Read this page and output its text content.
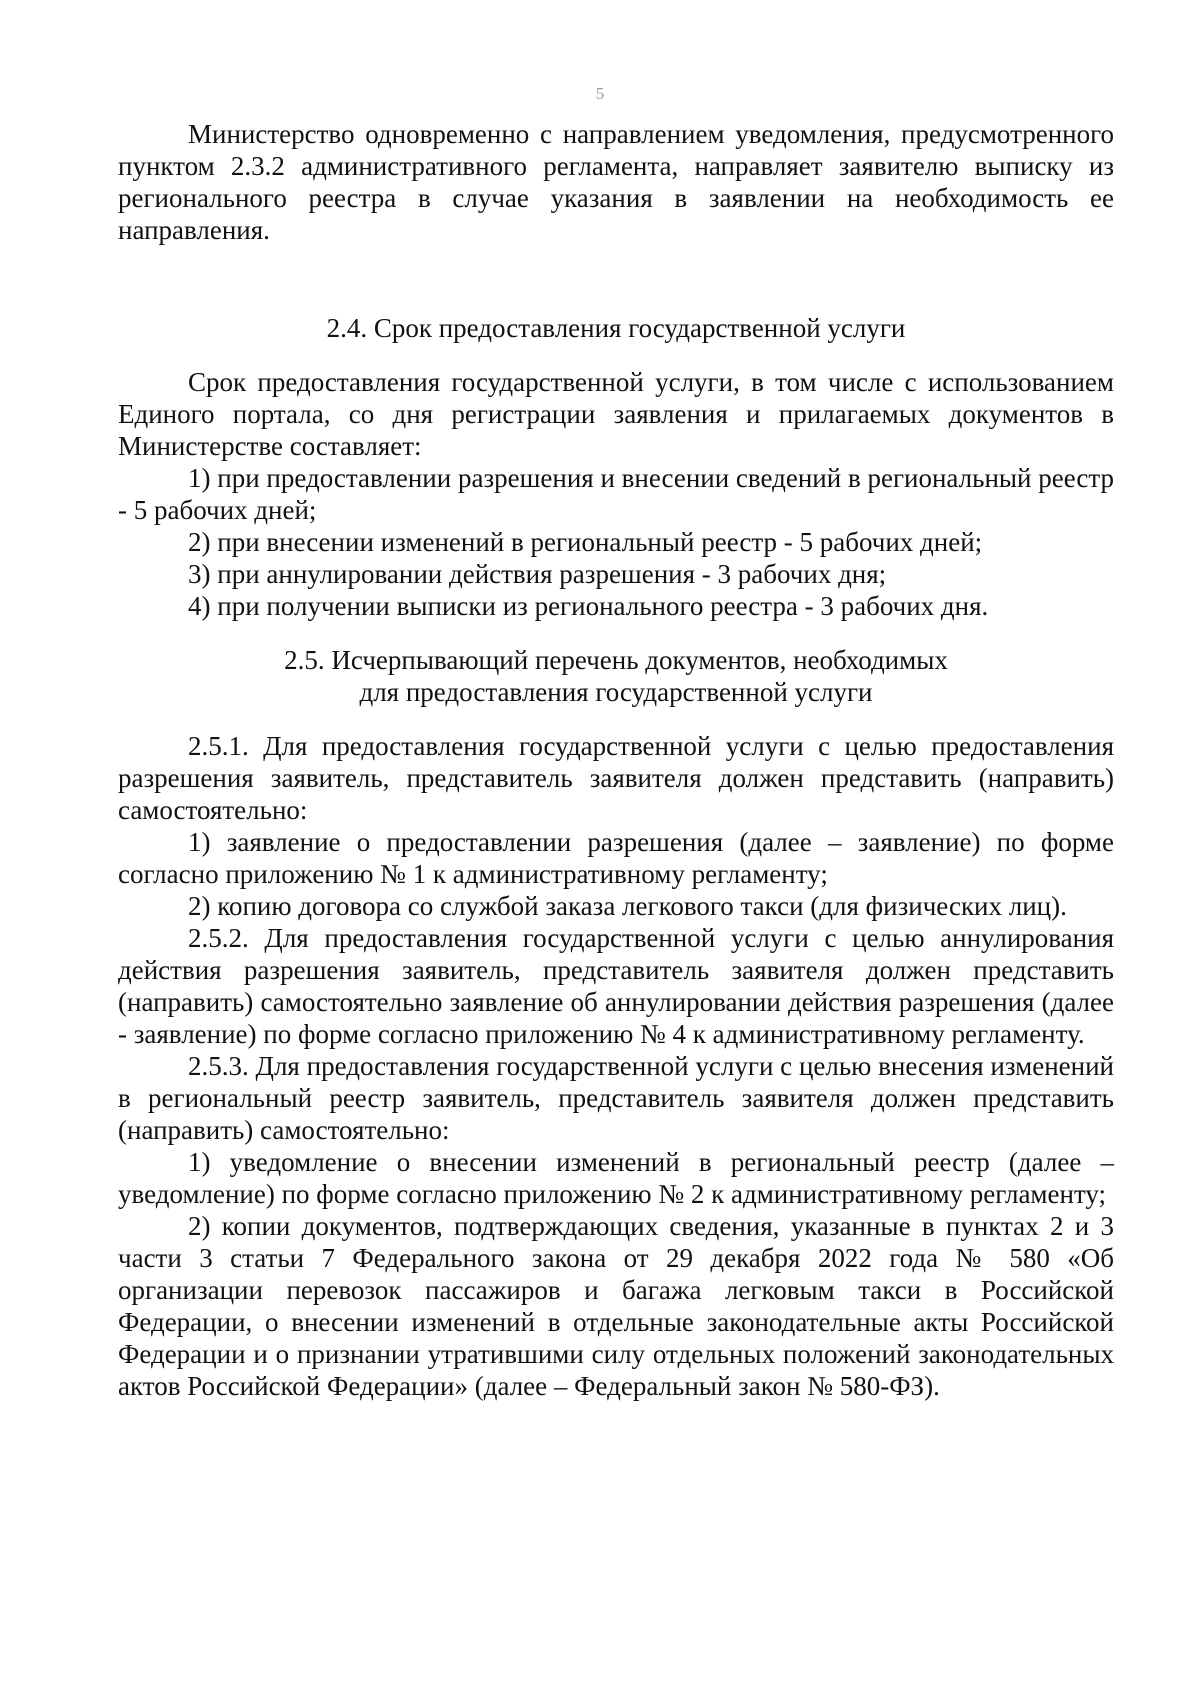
5

Министерство одновременно с направлением уведомления, предусмотренного пунктом 2.3.2 административного регламента, направляет заявителю выписку из регионального реестра в случае указания в заявлении на необходимость ее направления.

2.4. Срок предоставления государственной услуги

Срок предоставления государственной услуги, в том числе с использованием Единого портала, со дня регистрации заявления и прилагаемых документов в Министерстве составляет:

1) при предоставлении разрешения и внесении сведений в региональный реестр - 5 рабочих дней;

2) при внесении изменений в региональный реестр - 5 рабочих дней;

3) при аннулировании действия разрешения - 3 рабочих дня;

4) при получении выписки из регионального реестра - 3 рабочих дня.

2.5. Исчерпывающий перечень документов, необходимых

для предоставления государственной услуги

2.5.1. Для предоставления государственной услуги с целью предоставления разрешения заявитель, представитель заявителя должен представить (направить) самостоятельно:

1) заявление о предоставлении разрешения (далее – заявление) по форме согласно приложению № 1 к административному регламенту;

2) копию договора со службой заказа легкового такси (для физических лиц).

2.5.2. Для предоставления государственной услуги с целью аннулирования действия разрешения заявитель, представитель заявителя должен представить (направить) самостоятельно заявление об аннулировании действия разрешения (далее - заявление) по форме согласно приложению № 4 к административному регламенту.

2.5.3. Для предоставления государственной услуги с целью внесения изменений в региональный реестр заявитель, представитель заявителя должен представить (направить) самостоятельно:

1) уведомление о внесении изменений в региональный реестр (далее – уведомление) по форме согласно приложению № 2 к административному регламенту;

2) копии документов, подтверждающих сведения, указанные в пунктах 2 и 3 части 3 статьи 7 Федерального закона от 29 декабря 2022 года № 580 «Об организации перевозок пассажиров и багажа легковым такси в Российской Федерации, о внесении изменений в отдельные законодательные акты Российской Федерации и о признании утратившими силу отдельных положений законодательных актов Российской Федерации» (далее – Федеральный закон № 580-ФЗ).
